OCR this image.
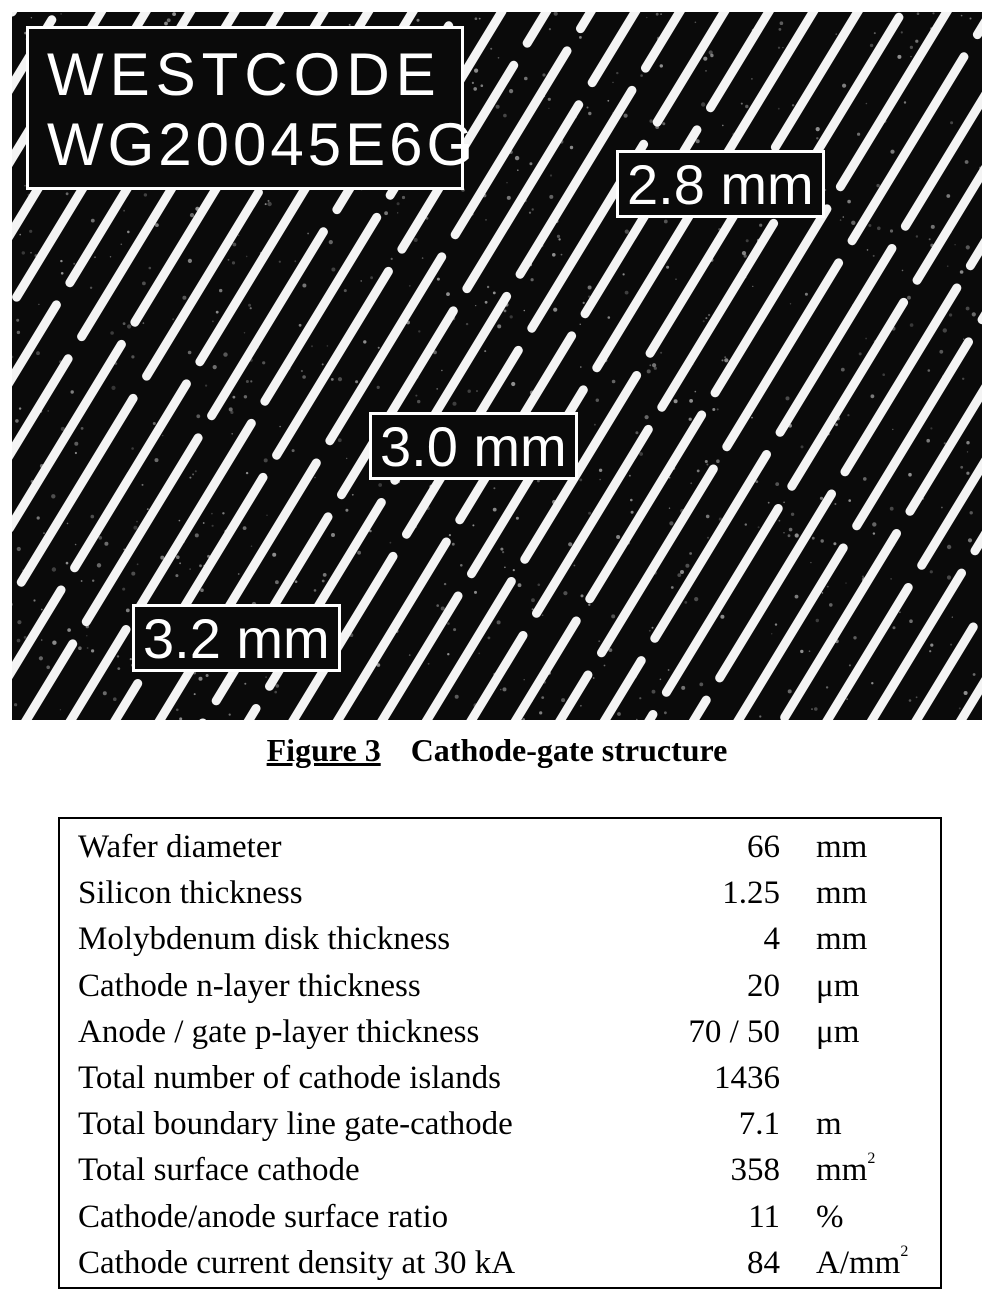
WESTCODE
WG20045E6G
2.8 mm
3.0 mm
3.2 mm
Figure 3 Cathode-gate structure
Wafer diameter	66 mm
Silicon thickness	1.25 mm
Molybdenum disk thickness	4 mm
Cathode n-layer thickness	20 μm
Anode / gate p-layer thickness	70 / 50 μm
Total number of cathode islands	1436
Total boundary line gate-cathode	7.1 m
Total surface cathode	358 $mm^2$
Cathode/anode surface ratio	11 %
Cathode current density at 30 kA	84 $A/mm^2$
